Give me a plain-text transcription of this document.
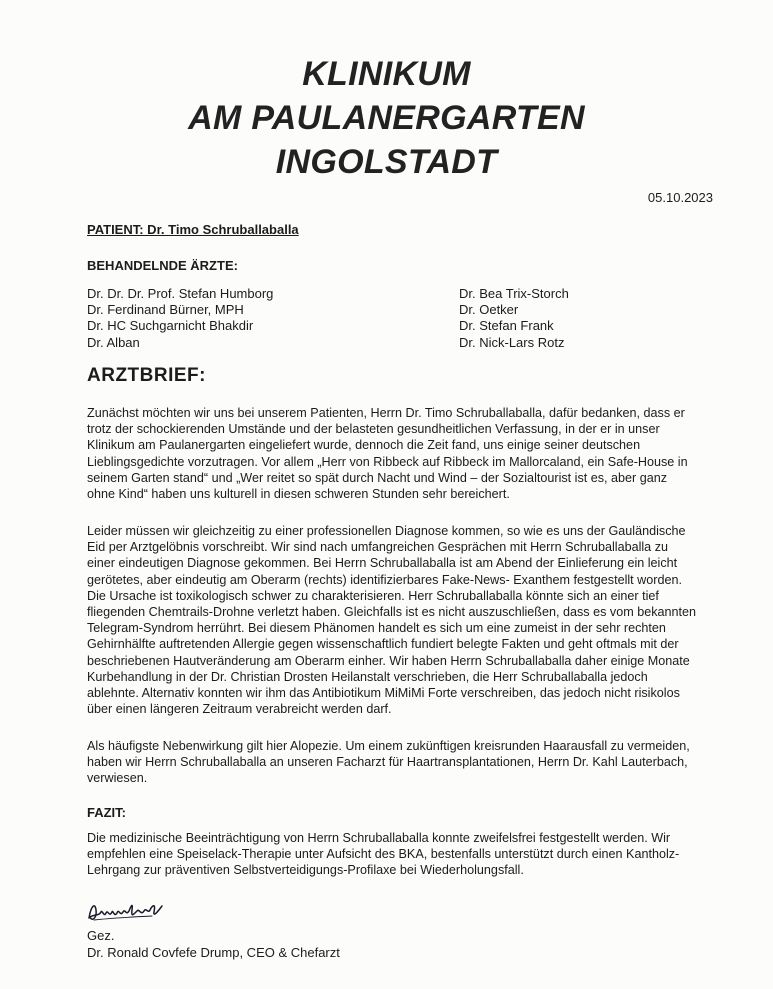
KLINIKUM
AM PAULANERGARTEN
INGOLSTADT
05.10.2023
PATIENT: Dr. Timo Schruballaballa
BEHANDELNDE ÄRZTE:
Dr. Dr. Dr. Prof. Stefan Humborg
Dr. Ferdinand Bürner, MPH
Dr. HC Suchgarnicht Bhakdir
Dr. Alban
Dr. Bea Trix-Storch
Dr. Oetker
Dr. Stefan Frank
Dr. Nick-Lars Rotz
ARZTBRIEF:

Zunächst möchten wir uns bei unserem Patienten, Herrn Dr. Timo Schruballaballa, dafür bedanken, dass er trotz der schockierenden Umstände und der belasteten gesundheitlichen Verfassung, in der er in unser Klinikum am Paulanergarten eingeliefert wurde, dennoch die Zeit fand, uns einige seiner deutschen Lieblingsgedichte vorzutragen. Vor allem „Herr von Ribbeck auf Ribbeck im Mallorcaland, ein Safe-House in seinem Garten stand“ und „Wer reitet so spät durch Nacht und Wind – der Sozialtourist ist es, aber ganz ohne Kind“ haben uns kulturell in diesen schweren Stunden sehr bereichert.

Leider müssen wir gleichzeitig zu einer professionellen Diagnose kommen, so wie es uns der Gauländische Eid per Arztgelöbnis vorschreibt. Wir sind nach umfangreichen Gesprächen mit Herrn Schruballaballa zu einer eindeutigen Diagnose gekommen. Bei Herrn Schruballaballa ist am Abend der Einlieferung ein leicht gerötetes, aber eindeutig am Oberarm (rechts) identifizierbares Fake-News- Exanthem festgestellt worden. Die Ursache ist toxikologisch schwer zu charakterisieren. Herr Schruballaballa könnte sich an einer tief fliegenden Chemtrails-Drohne verletzt haben. Gleichfalls ist es nicht auszuschließen, dass es vom bekannten Telegram-Syndrom herrührt. Bei diesem Phänomen handelt es sich um eine zumeist in der sehr rechten Gehirnhälfte auftretenden Allergie gegen wissenschaftlich fundiert belegte Fakten und geht oftmals mit der beschriebenen Hautveränderung am Oberarm einher. Wir haben Herrn Schruballaballa daher einige Monate Kurbehandlung in der Dr. Christian Drosten Heilanstalt verschrieben, die Herr Schruballaballa jedoch ablehnte. Alternativ konnten wir ihm das Antibiotikum MiMiMi Forte verschreiben, das jedoch nicht risikolos über einen längeren Zeitraum verabreicht werden darf.

Als häufigste Nebenwirkung gilt hier Alopezie. Um einem zukünftigen kreisrunden Haarausfall zu vermeiden, haben wir Herrn Schruballaballa an unseren Facharzt für Haartransplantationen, Herrn Dr. Kahl Lauterbach, verwiesen.

FAZIT:

Die medizinische Beeinträchtigung von Herrn Schruballaballa konnte zweifelsfrei festgestellt werden. Wir empfehlen eine Speiselack-Therapie unter Aufsicht des BKA, bestenfalls unterstützt durch einen Kantholz-Lehrgang zur präventiven Selbstverteidigungs-Profilaxe bei Wiederholungsfall.

Gez.
Dr. Ronald Covfefe Drump, CEO & Chefarzt
